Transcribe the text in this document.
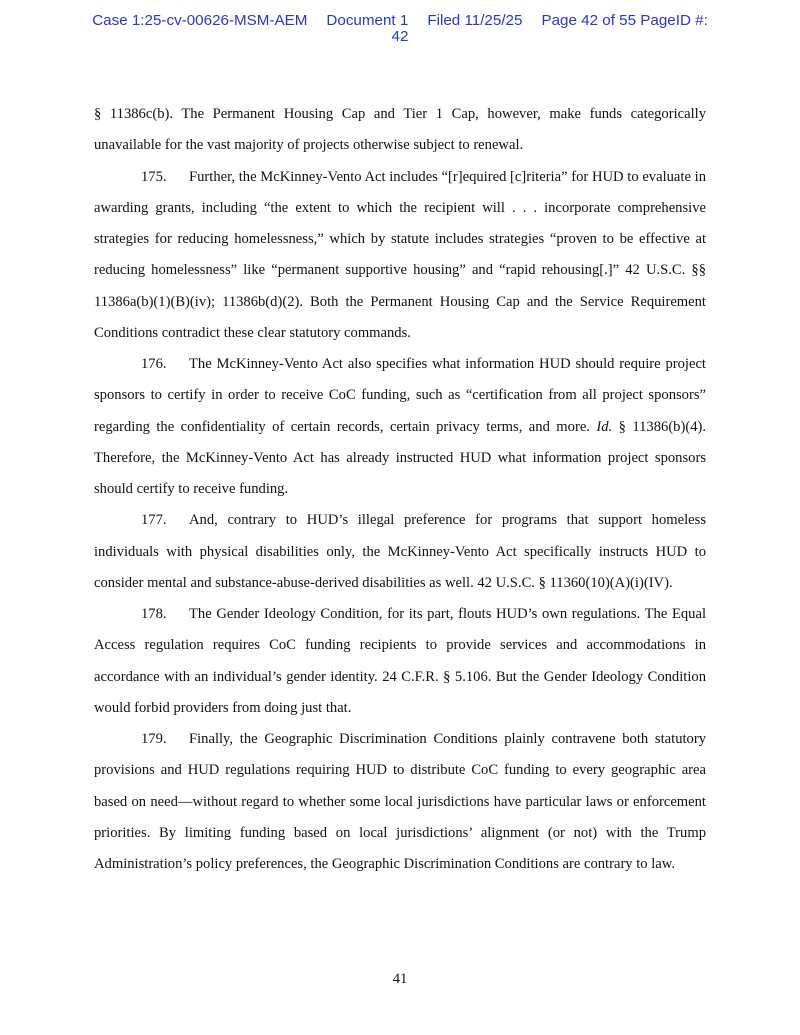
Case 1:25-cv-00626-MSM-AEM Document 1 Filed 11/25/25 Page 42 of 55 PageID #:
42

§ 11386c(b). The Permanent Housing Cap and Tier 1 Cap, however, make funds categorically unavailable for the vast majority of projects otherwise subject to renewal.

175. Further, the McKinney-Vento Act includes “[r]equired [c]riteria” for HUD to evaluate in awarding grants, including “the extent to which the recipient will . . . incorporate comprehensive strategies for reducing homelessness,” which by statute includes strategies “proven to be effective at reducing homelessness” like “permanent supportive housing” and “rapid rehousing[.]” 42 U.S.C. §§ 11386a(b)(1)(B)(iv); 11386b(d)(2). Both the Permanent Housing Cap and the Service Requirement Conditions contradict these clear statutory commands.

176. The McKinney-Vento Act also specifies what information HUD should require project sponsors to certify in order to receive CoC funding, such as “certification from all project sponsors” regarding the confidentiality of certain records, certain privacy terms, and more. Id. § 11386(b)(4). Therefore, the McKinney-Vento Act has already instructed HUD what information project sponsors should certify to receive funding.

177. And, contrary to HUD’s illegal preference for programs that support homeless individuals with physical disabilities only, the McKinney-Vento Act specifically instructs HUD to consider mental and substance-abuse-derived disabilities as well. 42 U.S.C. § 11360(10)(A)(i)(IV).

178. The Gender Ideology Condition, for its part, flouts HUD’s own regulations. The Equal Access regulation requires CoC funding recipients to provide services and accommodations in accordance with an individual’s gender identity. 24 C.F.R. § 5.106. But the Gender Ideology Condition would forbid providers from doing just that.

179. Finally, the Geographic Discrimination Conditions plainly contravene both statutory provisions and HUD regulations requiring HUD to distribute CoC funding to every geographic area based on need—without regard to whether some local jurisdictions have particular laws or enforcement priorities. By limiting funding based on local jurisdictions’ alignment (or not) with the Trump Administration’s policy preferences, the Geographic Discrimination Conditions are contrary to law.

41
